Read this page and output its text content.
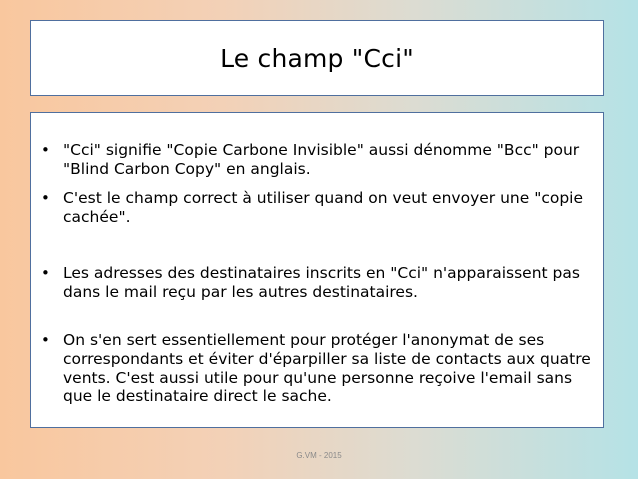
Le champ "Cci"
• "Cci" signifie "Copie Carbone Invisible" aussi dénomme "Bcc" pour "Blind Carbon Copy" en anglais.
• C'est le champ correct à utiliser quand on veut envoyer une "copie cachée".
• Les adresses des destinataires inscrits en "Cci" n'apparaissent pas dans le mail reçu par les autres destinataires.
• On s'en sert essentiellement pour protéger l'anonymat de ses correspondants et éviter d'éparpiller sa liste de contacts aux quatre vents. C'est aussi utile pour qu'une personne reçoive l'email sans que le destinataire direct le sache.
G.VM - 2015
